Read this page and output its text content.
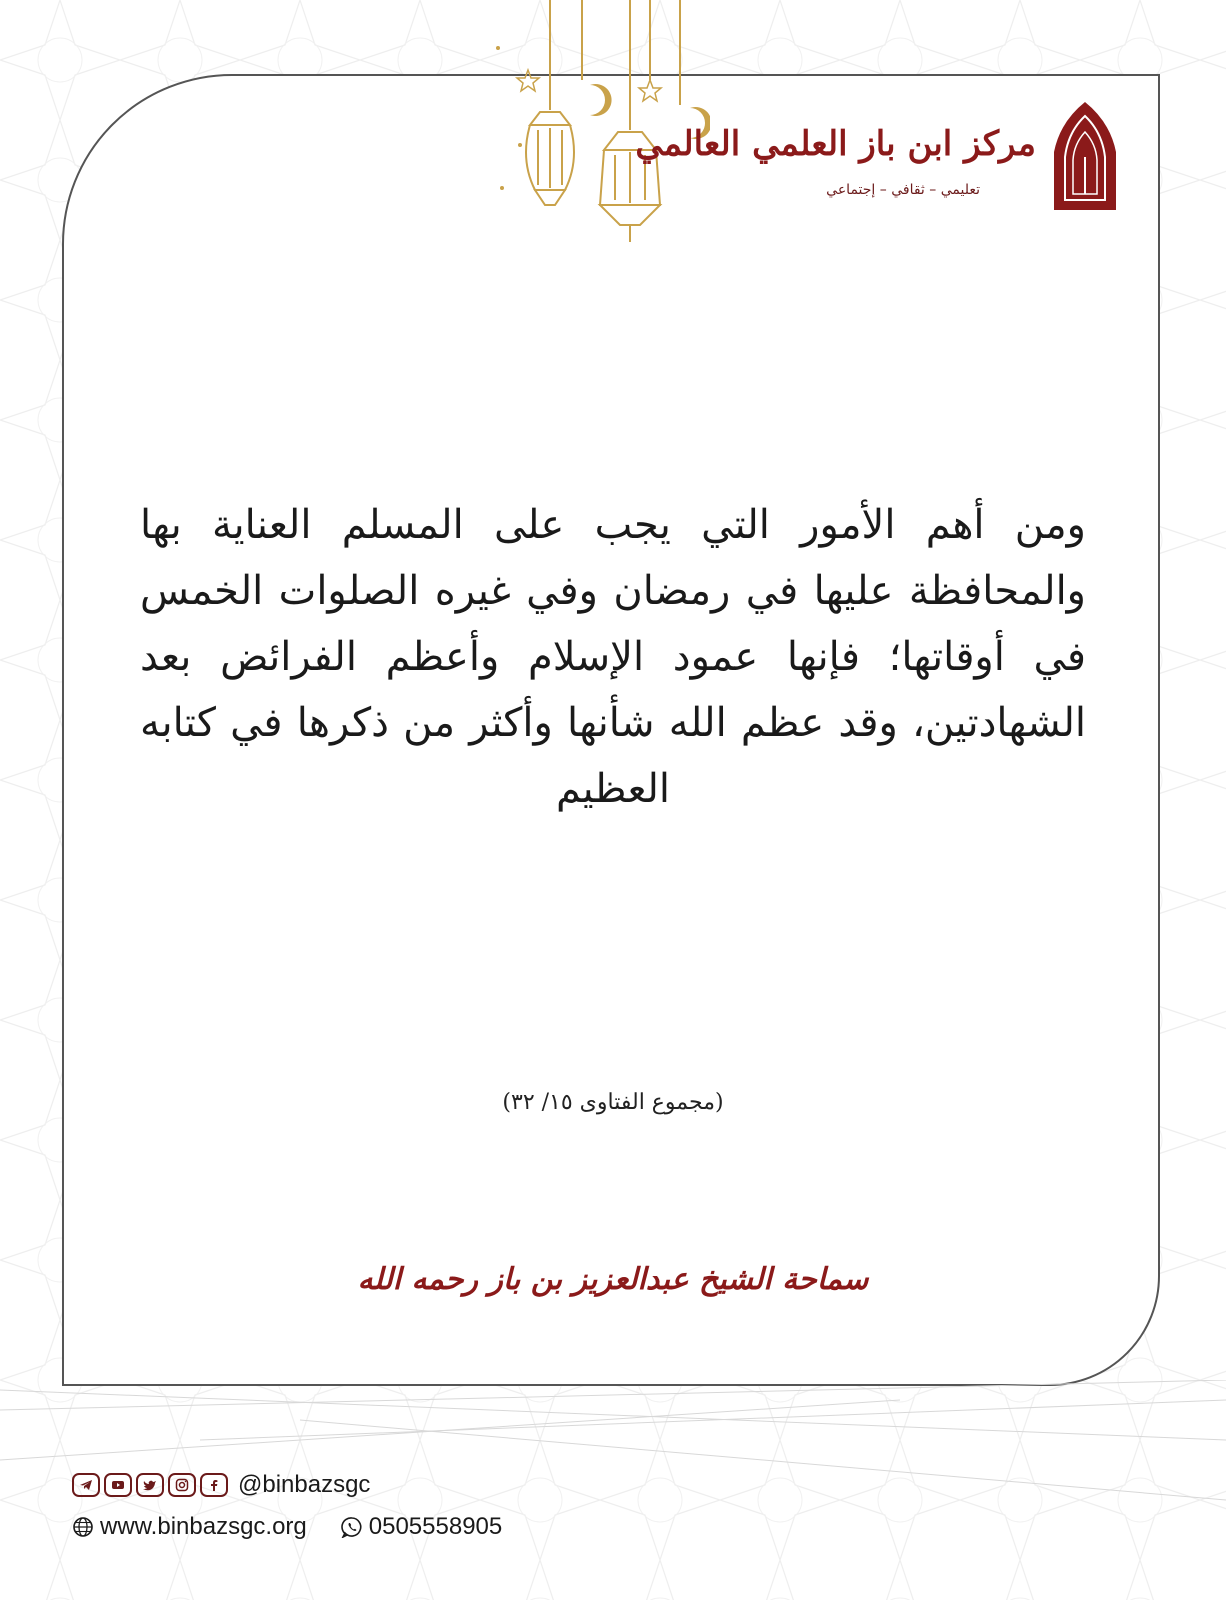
مركز ابن باز العلمي العالمي
تعليمي – ثقافي – إجتماعي
ومن أهم الأمور التي يجب على المسلم العناية بها والمحافظة عليها في رمضان وفي غيره الصلوات الخمس في أوقاتها؛ فإنها عمود الإسلام وأعظم الفرائض بعد الشهادتين، وقد عظم الله شأنها وأكثر من ذكرها في كتابه العظيم
(مجموع الفتاوى ١٥/ ٣٢)
سماحة الشيخ عبدالعزيز بن باز رحمه الله
@binbazsgc
www.binbazsgc.org	0505558905
